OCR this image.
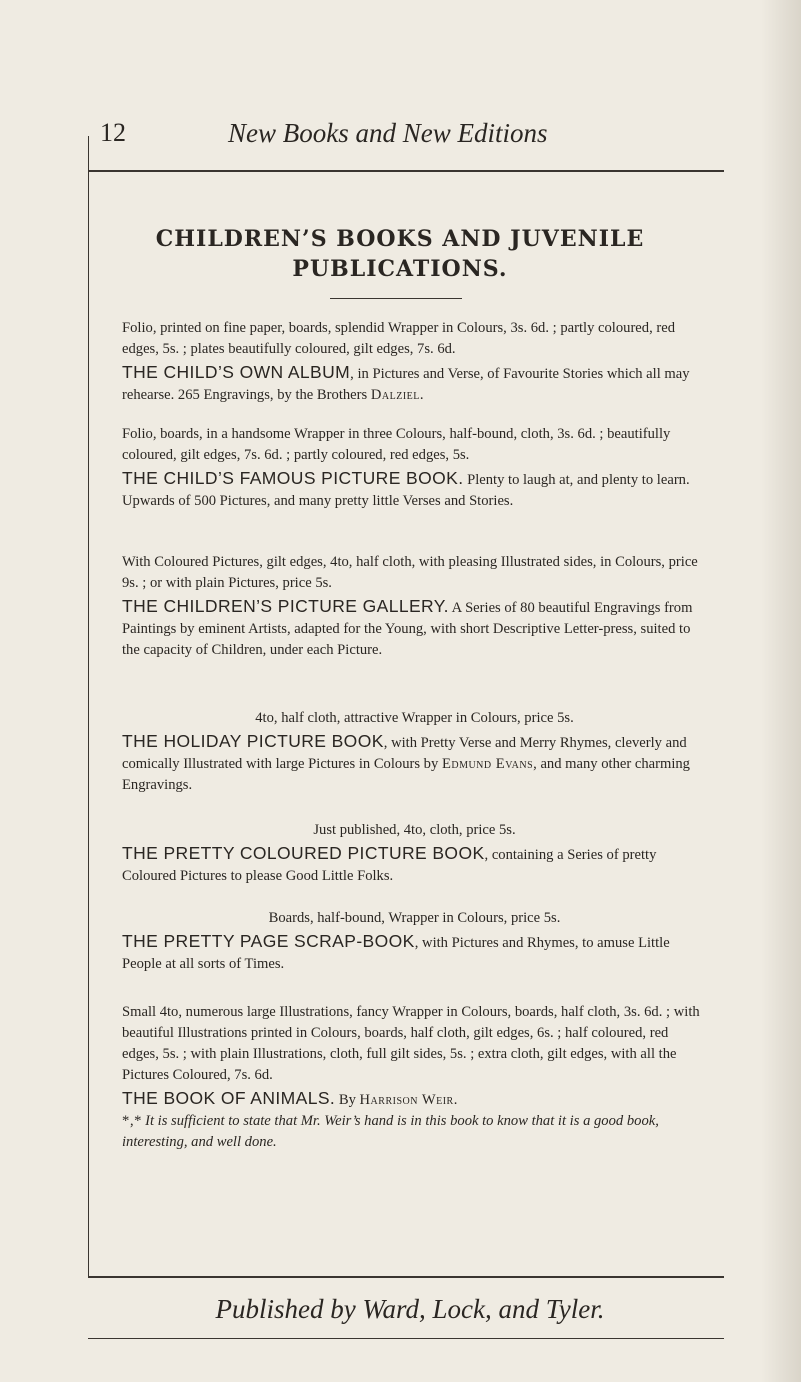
12	New Books and New Editions
CHILDREN’S BOOKS AND JUVENILE
PUBLICATIONS.

Folio, printed on fine paper, boards, splendid Wrapper in Colours, 3s. 6d. ; partly coloured, red edges, 5s. ; plates beautifully coloured, gilt edges, 7s. 6d.

THE CHILD’S OWN ALBUM, in Pictures and Verse, of Favourite Stories which all may rehearse. 265 Engravings, by the Brothers Dalziel.

Folio, boards, in a handsome Wrapper in three Colours, half-bound, cloth, 3s. 6d. ; beautifully coloured, gilt edges, 7s. 6d. ; partly coloured, red edges, 5s.

THE CHILD’S FAMOUS PICTURE BOOK. Plenty to laugh at, and plenty to learn. Upwards of 500 Pictures, and many pretty little Verses and Stories.

With Coloured Pictures, gilt edges, 4to, half cloth, with pleasing Illustrated sides, in Colours, price 9s. ; or with plain Pictures, price 5s.

THE CHILDREN’S PICTURE GALLERY. A Series of 80 beautiful Engravings from Paintings by eminent Artists, adapted for the Young, with short Descriptive Letter-press, suited to the capacity of Children, under each Picture.

4to, half cloth, attractive Wrapper in Colours, price 5s.

THE HOLIDAY PICTURE BOOK, with Pretty Verse and Merry Rhymes, cleverly and comically Illustrated with large Pictures in Colours by Edmund Evans, and many other charming Engravings.

Just published, 4to, cloth, price 5s.

THE PRETTY COLOURED PICTURE BOOK, containing a Series of pretty Coloured Pictures to please Good Little Folks.

Boards, half-bound, Wrapper in Colours, price 5s.

THE PRETTY PAGE SCRAP-BOOK, with Pictures and Rhymes, to amuse Little People at all sorts of Times.

Small 4to, numerous large Illustrations, fancy Wrapper in Colours, boards, half cloth, 3s. 6d. ; with beautiful Illustrations printed in Colours, boards, half cloth, gilt edges, 6s. ; half coloured, red edges, 5s. ; with plain Illustrations, cloth, full gilt sides, 5s. ; extra cloth, gilt edges, with all the Pictures Coloured, 7s. 6d.

THE BOOK OF ANIMALS. By Harrison Weir.

*‚* It is sufficient to state that Mr. Weir’s hand is in this book to know that it is a good book, interesting, and well done.

Published by Ward, Lock, and Tyler.
